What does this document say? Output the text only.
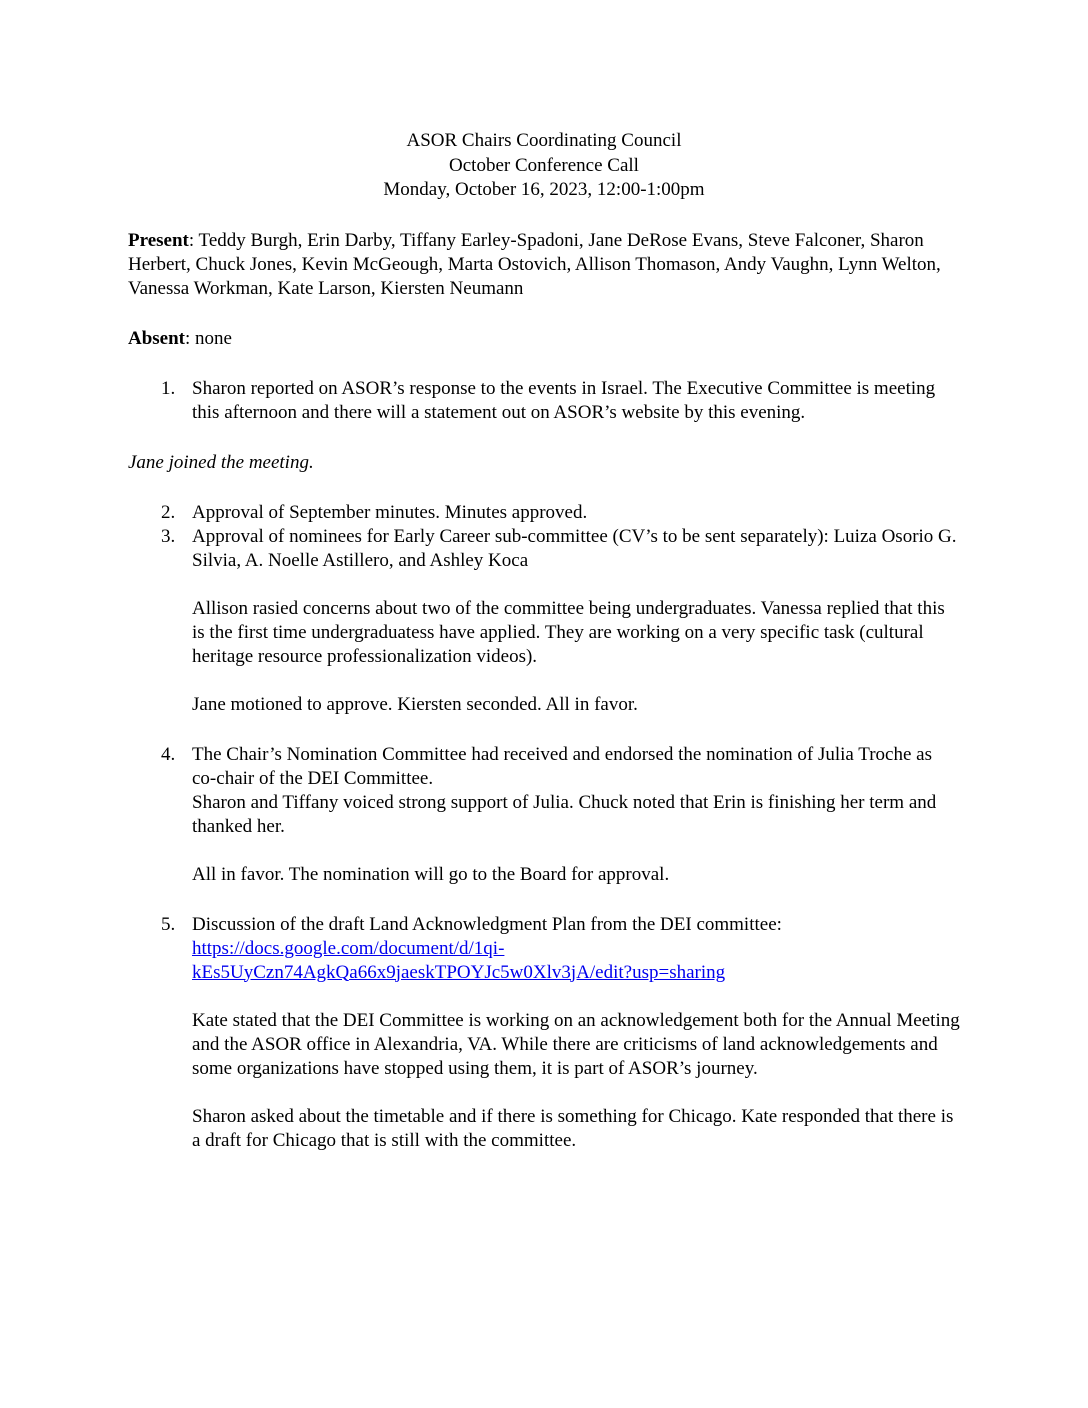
ASOR Chairs Coordinating Council
October Conference Call
Monday, October 16, 2023, 12:00-1:00pm

Present: Teddy Burgh, Erin Darby, Tiffany Earley-Spadoni, Jane DeRose Evans, Steve Falconer, Sharon Herbert, Chuck Jones, Kevin McGeough, Marta Ostovich, Allison Thomason, Andy Vaughn, Lynn Welton, Vanessa Workman, Kate Larson, Kiersten Neumann

Absent: none

1. Sharon reported on ASOR’s response to the events in Israel. The Executive Committee is meeting this afternoon and there will a statement out on ASOR’s website by this evening.

Jane joined the meeting.

2. Approval of September minutes. Minutes approved.

3. Approval of nominees for Early Career sub-committee (CV’s to be sent separately): Luiza Osorio G. Silvia, A. Noelle Astillero, and Ashley Koca

Allison rasied concerns about two of the committee being undergraduates. Vanessa replied that this is the first time undergraduatess have applied. They are working on a very specific task (cultural heritage resource professionalization videos).

Jane motioned to approve. Kiersten seconded. All in favor.

4. The Chair’s Nomination Committee had received and endorsed the nomination of Julia Troche as co-chair of the DEI Committee.

Sharon and Tiffany voiced strong support of Julia. Chuck noted that Erin is finishing her term and thanked her.

All in favor. The nomination will go to the Board for approval.

5. Discussion of the draft Land Acknowledgment Plan from the DEI committee:

https://docs.google.com/document/d/1qi-
kEs5UyCzn74AgkQa66x9jaeskTPOYJc5w0Xlv3jA/edit?usp=sharing

Kate stated that the DEI Committee is working on an acknowledgement both for the Annual Meeting and the ASOR office in Alexandria, VA. While there are criticisms of land acknowledgements and some organizations have stopped using them, it is part of ASOR’s journey.

Sharon asked about the timetable and if there is something for Chicago. Kate responded that there is a draft for Chicago that is still with the committee.
